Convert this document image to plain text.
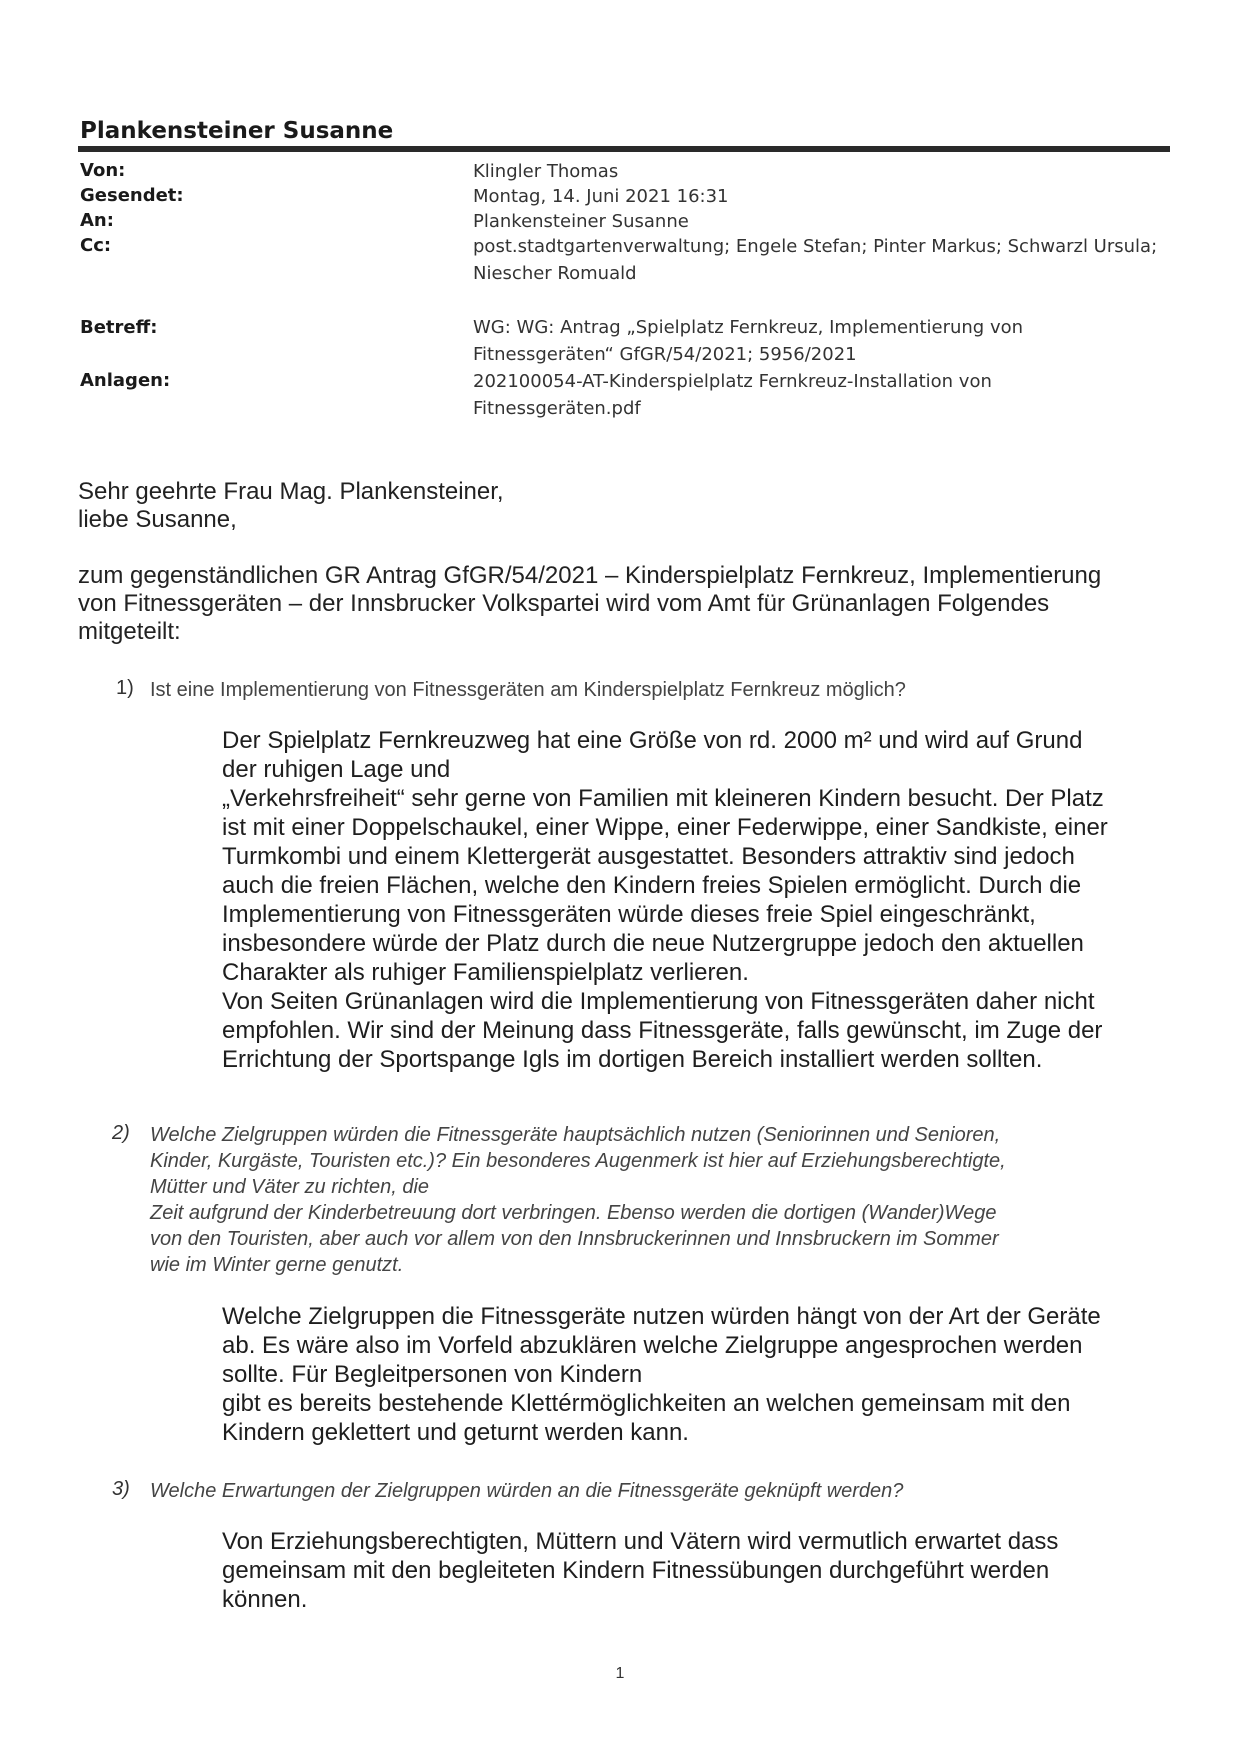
Plankensteiner Susanne
Von:	Klingler Thomas
Gesendet:	Montag, 14. Juni 2021 16:31
An:	Plankensteiner Susanne
Cc:	post.stadtgartenverwaltung; Engele Stefan; Pinter Markus; Schwarzl Ursula;
Niescher Romuald
Betreff:	WG: WG: Antrag „Spielplatz Fernkreuz, Implementierung von
Fitnessgeräten“ GfGR/54/2021; 5956/2021
Anlagen:	202100054-AT-Kinderspielplatz Fernkreuz-Installation von
Fitnessgeräten.pdf
Sehr geehrte Frau Mag. Plankensteiner,
liebe Susanne,
zum gegenständlichen GR Antrag GfGR/54/2021 – Kinderspielplatz Fernkreuz, Implementierung
von Fitnessgeräten – der Innsbrucker Volkspartei wird vom Amt für Grünanlagen Folgendes
mitgeteilt:
1) Ist eine Implementierung von Fitnessgeräten am Kinderspielplatz Fernkreuz möglich?
Der Spielplatz Fernkreuzweg hat eine Größe von rd. 2000 m² und wird auf Grund
der ruhigen Lage und
„Verkehrsfreiheit“ sehr gerne von Familien mit kleineren Kindern besucht. Der Platz
ist mit einer Doppelschaukel, einer Wippe, einer Federwippe, einer Sandkiste, einer
Turmkombi und einem Klettergerät ausgestattet. Besonders attraktiv sind jedoch
auch die freien Flächen, welche den Kindern freies Spielen ermöglicht. Durch die
Implementierung von Fitnessgeräten würde dieses freie Spiel eingeschränkt,
insbesondere würde der Platz durch die neue Nutzergruppe jedoch den aktuellen
Charakter als ruhiger Familienspielplatz verlieren.
Von Seiten Grünanlagen wird die Implementierung von Fitnessgeräten daher nicht
empfohlen. Wir sind der Meinung dass Fitnessgeräte, falls gewünscht, im Zuge der
Errichtung der Sportspange Igls im dortigen Bereich installiert werden sollten.
2) Welche Zielgruppen würden die Fitnessgeräte hauptsächlich nutzen (Seniorinnen und Senioren,
Kinder, Kurgäste, Touristen etc.)? Ein besonderes Augenmerk ist hier auf Erziehungsberechtigte,
Mütter und Väter zu richten, die
Zeit aufgrund der Kinderbetreuung dort verbringen. Ebenso werden die dortigen (Wander)Wege
von den Touristen, aber auch vor allem von den Innsbruckerinnen und Innsbruckern im Sommer
wie im Winter gerne genutzt.
Welche Zielgruppen die Fitnessgeräte nutzen würden hängt von der Art der Geräte
ab. Es wäre also im Vorfeld abzuklären welche Zielgruppe angesprochen werden
sollte. Für Begleitpersonen von Kindern
gibt es bereits bestehende Klettérmöglichkeiten an welchen gemeinsam mit den
Kindern geklettert und geturnt werden kann.
3) Welche Erwartungen der Zielgruppen würden an die Fitnessgeräte geknüpft werden?
Von Erziehungsberechtigten, Müttern und Vätern wird vermutlich erwartet dass
gemeinsam mit den begleiteten Kindern Fitnessübungen durchgeführt werden
können.
1
